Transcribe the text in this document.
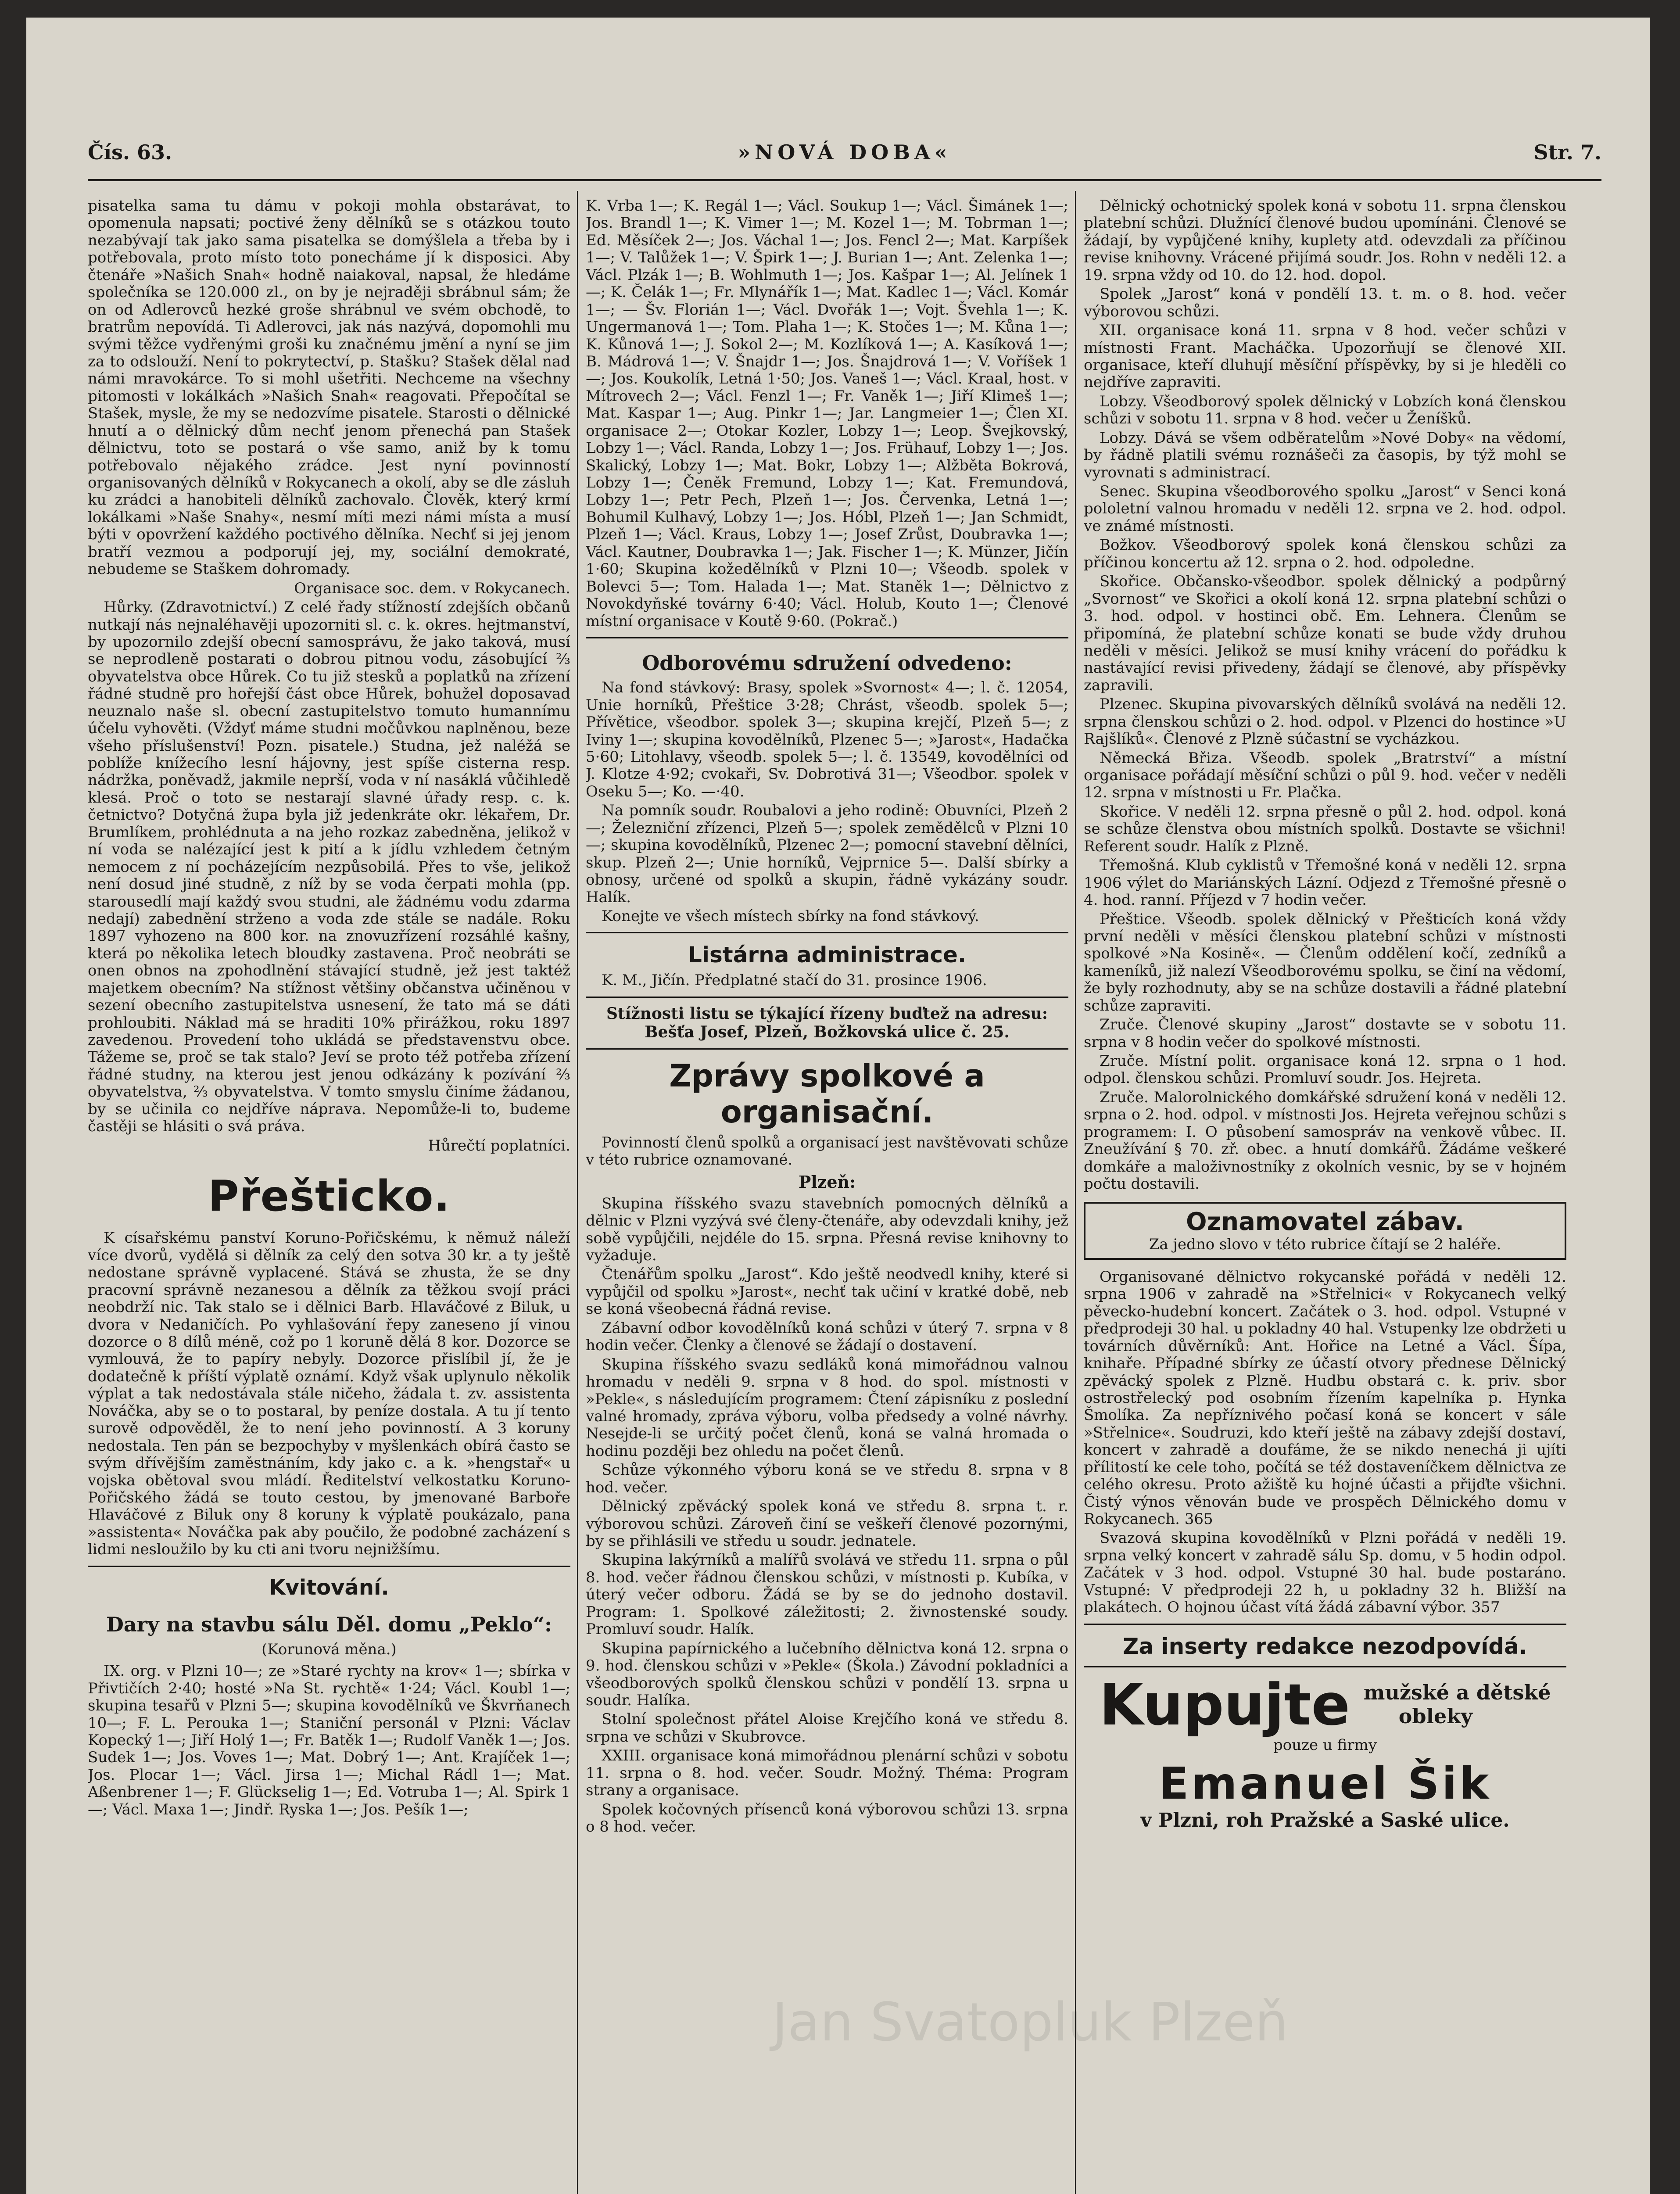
Čís. 63.	»NOVÁ DOBA«	Str. 7.

pisatelka sama tu dámu v pokoji mohla obstarávat, to opomenula napsati; poctivé ženy dělníků se s otázkou touto nezabývají tak jako sama pisatelka se domýšlela a třeba by i potřebovala, proto místo toto ponecháme jí k disposici. Aby čtenáře »Našich Snah« hodně naiakoval, napsal, že hledáme společníka se 120.000 zl., on by je nejraději sbrábnul sám; že on od Adlerovců hezké groše shrábnul ve svém obchodě, to bratrům nepovídá. Ti Adlerovci, jak nás nazývá, dopomohli mu svými těžce vydřenými groši ku značnému jmění a nyní se jim za to odslouží. Není to pokrytectví, p. Stašku? Stašek dělal nad námi mravokárce. To si mohl ušetřiti. Nechceme na všechny pitomosti v lokálkách »Našich Snah« reagovati. Přepočítal se Stašek, mysle, že my se nedozvíme pisatele. Starosti o dělnické hnutí a o dělnický dům nechť jenom přenechá pan Stašek dělnictvu, toto se postará o vše samo, aniž by k tomu potřebovalo nějakého zrádce. Jest nyní povinností organisovaných dělníků v Rokycanech a okolí, aby se dle zásluh ku zrádci a hanobiteli dělníků zachovalo. Člověk, který krmí lokálkami »Naše Snahy«, nesmí míti mezi námi místa a musí býti v opovržení každého poctivého dělníka. Nechť si jej jenom bratří vezmou a podporují jej, my, sociální demokraté, nebudeme se Staškem dohromady.

Organisace soc. dem. v Rokycanech.

Hůrky. (Zdravotnictví.) Z celé řady stížností zdejších občanů nutkají nás nejnaléhavěji upozorniti sl. c. k. okres. hejtmanství, by upozornilo zdejší obecní samosprávu, že jako taková, musí se neprodleně postarati o dobrou pitnou vodu, zásobující ⅔ obyvatelstva obce Hůrek. Co tu již stesků a poplatků na zřízení řádné studně pro hořejší část obce Hůrek, bohužel doposavad neuznalo naše sl. obecní zastupitelstvo tomuto humannímu účelu vyhověti. (Vždyť máme studni močůvkou naplněnou, beze všeho příslušenství! Pozn. pisatele.) Studna, jež naléžá se poblíže knížecího lesní hájovny, jest spíše cisterna resp. nádržka, poněvadž, jakmile neprší, voda v ní nasáklá vůčihledě klesá. Proč o toto se nestarají slavné úřady resp. c. k. četnictvo? Dotyčná župa byla již jedenkráte okr. lékařem, Dr. Brumlíkem, prohlédnuta a na jeho rozkaz zabedněna, jelikož v ní voda se nalézající jest k pití a k jídlu vzhledem četným nemocem z ní pocházejícím nezpůsobilá. Přes to vše, jelikož není dosud jiné studně, z níž by se voda čerpati mohla (pp. starousedlí mají každý svou studni, ale žádnému vodu zdarma nedají) zabednění strženo a voda zde stále se nadále. Roku 1897 vyhozeno na 800 kor. na znovuzřízení rozsáhlé kašny, která po několika letech bloudky zastavena. Proč neobráti se onen obnos na zpohodlnění stávající studně, jež jest taktéž majetkem obecním? Na stížnost většiny občanstva učiněnou v sezení obecního zastupitelstva usnesení, že tato má se dáti prohloubiti. Náklad má se hraditi 10% přirážkou, roku 1897 zavedenou. Provedení toho ukládá se představenstvu obce. Tážeme se, proč se tak stalo? Jeví se proto též potřeba zřízení řádné studny, na kterou jest jenou odkázány k pozívání ⅔ obyvatelstva, ⅔ obyvatelstva. V tomto smyslu činíme žádanou, by se učinila co nejdříve náprava. Nepomůže-li to, budeme častěji se hlásiti o svá práva.

Hůrečtí poplatníci.

Přeštickо.

K císařskému panství Koruno-Pořičskému, k němuž náleží více dvorů, vydělá si dělník za celý den sotva 30 kr. a ty ještě nedostane správně vyplacené. Stává se zhusta, že se dny pracovní správně nezanesou a dělník za těžkou svojí práci neobdrží nic. Tak stalo se i dělnici Barb. Hlaváčové z Biluk, u dvora v Nedaničích. Po vyhlašování řepy zaneseno jí vinou dozorce o 8 dílů méně, což po 1 koruně dělá 8 kor. Dozorce se vymlouvá, že to papíry nebyly. Dozorce přislíbil jí, že je dodatečně k příští výplatě oznámí. Když však uplynulo několik výplat a tak nedostávala stále ničeho, žádala t. zv. assistenta Nováčka, aby se o to postaral, by peníze dostala. A tu jí tento surově odpověděl, že to není jeho povinností. A 3 koruny nedostala. Ten pán se bezpochyby v myšlenkách obírá často se svým dřívějším zaměstnáním, kdy jako c. a k. »hengstař« u vojska obětoval svou mládí. Ředitelství velkostatku Koruno-Pořičského žádá se touto cestou, by jmenované Barboře Hlaváčové z Biluk ony 8 koruny k výplatě poukázalo, pana »assistenta« Nováčka pak aby poučilo, že podobné zacházení s lidmi nesloužilo by ku cti ani tvoru nejnižšímu.

Kvitování.
Dary na stavbu sálu Děl. domu „Peklo“:
(Korunová měna.)

IX. org. v Plzni 10—; ze »Staré rychty na krov« 1—; sbírka v Přivtičích 2·40; hosté »Na St. rychtě« 1·24; Václ. Koubl 1—; skupina tesařů v Plzni 5—; skupina kovodělníků ve Škvrňanech 10—; F. L. Perouka 1—; Staniční personál v Plzni: Václav Kopecký 1—; Jiří Holý 1—; Fr. Batěk 1—; Rudolf Vaněk 1—; Jos. Sudek 1—; Jos. Voves 1—; Mat. Dobrý 1—; Ant. Krajíček 1—; Jos. Plocar 1—; Václ. Jirsa 1—; Michal Rádl 1—; Mat. Aßenbrener 1—; F. Glückselig 1—; Ed. Votruba 1—; Al. Spirk 1—; Václ. Maxa 1—; Jindř. Ryska 1—; Jos. Pešík 1—;

K. Vrba 1—; K. Regál 1—; Václ. Soukup 1—; Václ. Šimánek 1—; Jos. Brandl 1—; K. Vimer 1—; M. Kozel 1—; M. Tobrman 1—; Ed. Měsíček 2—; Jos. Váchal 1—; Jos. Fencl 2—; Mat. Karpíšek 1—; V. Talůžek 1—; V. Špirk 1—; J. Burian 1—; Ant. Zelenka 1—; Václ. Plzák 1—; B. Wohlmuth 1—; Jos. Kašpar 1—; Al. Jelínek 1—; K. Čelák 1—; Fr. Mlynářík 1—; Mat. Kadlec 1—; Václ. Komár 1—; — Šv. Florián 1—; Václ. Dvořák 1—; Vojt. Švehla 1—; K. Ungermanová 1—; Tom. Plaha 1—; K. Stočes 1—; M. Kůna 1—; K. Kůnová 1—; J. Sokol 2—; M. Kozlíková 1—; A. Kasíková 1—; B. Mádrová 1—; V. Šnajdr 1—; Jos. Šnajdrová 1—; V. Voříšek 1—; Jos. Koukolík, Letná 1·50; Jos. Vaneš 1—; Václ. Kraal, host. v Mítrovech 2—; Václ. Fenzl 1—; Fr. Vaněk 1—; Jiří Klimeš 1—; Mat. Kaspar 1—; Aug. Pinkr 1—; Jar. Langmeier 1—; Člen XI. organisace 2—; Otokar Kozler, Lobzy 1—; Leop. Švejkovský, Lobzy 1—; Václ. Randa, Lobzy 1—; Jos. Frühauf, Lobzy 1—; Jos. Skalický, Lobzy 1—; Mat. Bokr, Lobzy 1—; Alžběta Bokrová, Lobzy 1—; Čeněk Fremund, Lobzy 1—; Kat. Fremundová, Lobzy 1—; Petr Pech, Plzeň 1—; Jos. Červenka, Letná 1—; Bohumil Kulhavý, Lobzy 1—; Jos. Hóbl, Plzeň 1—; Jan Schmidt, Plzeň 1—; Václ. Kraus, Lobzy 1—; Josef Zrůst, Doubravka 1—; Václ. Kautner, Doubravka 1—; Jak. Fischer 1—; K. Münzer, Jičín 1·60; Skupina kožedělníků v Plzni 10—; Všeodb. spolek v Bolevci 5—; Tom. Halada 1—; Mat. Staněk 1—; Dělnictvo z Novokdyňské továrny 6·40; Václ. Holub, Kouto 1—; Členové místní organisace v Koutě 9·60. (Pokrač.)

Odborovému sdružení odvedeno:

Na fond stávkový: Brasy, spolek »Svornost« 4—; l. č. 12054, Unie horníků, Přeštice 3·28; Chrást, všeodb. spolek 5—; Přívětice, všeodbor. spolek 3—; skupina krejčí, Plzeň 5—; z Iviny 1—; skupina kovodělníků, Plzenec 5—; »Jarost«, Hadačka 5·60; Litohlavy, všeodb. spolek 5—; l. č. 13549, kovodělníci od J. Klotze 4·92; cvokaři, Sv. Dobrotivá 31—; Všeodbor. spolek v Oseku 5—; Ko. —·40.

Na pomník soudr. Roubalovi a jeho rodině: Obuvníci, Plzeň 2—; Železniční zřízenci, Plzeň 5—; spolek zemědělců v Plzni 10—; skupina kovodělníků, Plzenec 2—; pomocní stavební dělníci, skup. Plzeň 2—; Unie horníků, Vejprnice 5—. Další sbírky a obnosy, určené od spolků a skupin, řádně vykázány soudr. Halík.

Konejte ve všech místech sbírky na fond stávkový.

Listárna administrace.

K. M., Jičín. Předplatné stačí do 31. prosince 1906.

Stížnosti listu se týkající řízeny buďtež na adresu: Bešťa Josef, Plzeň, Božkovská ulice č. 25.
Zprávy spolkové a organisační.

Povinností členů spolků a organisací jest navštěvovati schůze v této rubrice oznamované.

Plzeň:

Skupina říšského svazu stavebních pomocných dělníků a dělnic v Plzni vyzývá své členy-čtenáře, aby odevzdali knihy, jež sobě vypůjčili, nejdéle do 15. srpna. Přesná revise knihovny to vyžaduje.

Čtenářům spolku „Jarost“. Kdo ještě neodvedl knihy, které si vypůjčil od spolku »Jarost«, nechť tak učiní v kratké době, neb se koná všeobecná řádná revise.

Zábavní odbor kovodělníků koná schůzi v úterý 7. srpna v 8 hodin večer. Členky a členové se žádají o dostavení.

Skupina říšského svazu sedláků koná mimořádnou valnou hromadu v neděli 9. srpna v 8 hod. do spol. místnosti v »Pekle«, s následujícím programem: Čtení zápisníku z poslední valné hromady, zpráva výboru, volba předsedy a volné návrhy. Nesejde-li se určitý počet členů, koná se valná hromada o hodinu později bez ohledu na počet členů.

Schůze výkonného výboru koná se ve středu 8. srpna v 8 hod. večer.

Dělnický zpěvácký spolek koná ve středu 8. srpna t. r. výborovou schůzi. Zároveň činí se veškeří členové pozornými, by se přihlásili ve středu u soudr. jednatele.

Skupina lakýrníků a malířů svolává ve středu 11. srpna o půl 8. hod. večer řádnou členskou schůzi, v místnosti p. Kubíka, v úterý večer odboru. Žádá se by se do jednoho dostavil. Program: 1. Spolkové záležitosti; 2. živnostenské soudy. Promluví soudr. Halík.

Skupina papírnického a lučebního dělnictva koná 12. srpna o 9. hod. členskou schůzi v »Pekle« (Škola.) Závodní pokladníci a všeodborových spolků členskou schůzi v pondělí 13. srpna u soudr. Halíka.

Stolní společnost přátel Aloise Krejčího koná ve středu 8. srpna ve schůzi v Skubrovce.

XXIII. organisace koná mimořádnou plenární schůzi v sobotu 11. srpna o 8. hod. večer. Soudr. Možný. Théma: Program strany a organisace.

Spolek kočovných přísenců koná výborovou schůzi 13. srpna o 8 hod. večer.

Dělnický ochotnický spolek koná v sobotu 11. srpna členskou platební schůzi. Dlužnící členové budou upomínáni. Členové se žádají, by vypůjčené knihy, kuplety atd. odevzdali za příčinou revise knihovny. Vrácené přijímá soudr. Jos. Rohn v neděli 12. a 19. srpna vždy od 10. do 12. hod. dopol.

Spolek „Jarost“ koná v pondělí 13. t. m. o 8. hod. večer výborovou schůzi.

XII. organisace koná 11. srpna v 8 hod. večer schůzi v místnosti Frant. Macháčka. Upozorňují se členové XII. organisace, kteří dluhují měsíční příspěvky, by si je hleděli co nejdříve zapraviti.

Lobzy. Všeodborový spolek dělnický v Lobzích koná členskou schůzi v sobotu 11. srpna v 8 hod. večer u Ženíšků.

Lobzy. Dává se všem odběratelům »Nové Doby« na vědomí, by řádně platili svému roznášeči za časopis, by týž mohl se vyrovnati s administrací.

Senec. Skupina všeodborového spolku „Jarost“ v Senci koná pololetní valnou hromadu v neděli 12. srpna ve 2. hod. odpol. ve známé místnosti.

Božkov. Všeodborový spolek koná členskou schůzi za příčinou koncertu až 12. srpna o 2. hod. odpoledne.

Skořice. Občansko-všeodbor. spolek dělnický a podpůrný „Svornost“ ve Skořici a okolí koná 12. srpna platební schůzi o 3. hod. odpol. v hostinci obč. Em. Lehnera. Členům se připomíná, že platební schůze konati se bude vždy druhou neděli v měsíci. Jelikož se musí knihy vrácení do pořádku k nastávající revisi přivedeny, žádají se členové, aby příspěvky zapravili.

Plzenec. Skupina pivovarských dělníků svolává na neděli 12. srpna členskou schůzi o 2. hod. odpol. v Plzenci do hostince »U Rajšlíků«. Členové z Plzně súčastní se vycházkou.

Německá Břiza. Všeodb. spolek „Bratrství“ a místní organisace pořádají měsíční schůzi o půl 9. hod. večer v neděli 12. srpna v místnosti u Fr. Plačka.

Skořice. V neděli 12. srpna přesně o půl 2. hod. odpol. koná se schůze členstva obou místních spolků. Dostavte se všichni! Referent soudr. Halík z Plzně.

Třemošná. Klub cyklistů v Třemošné koná v neděli 12. srpna 1906 výlet do Mariánských Lázní. Odjezd z Třemošné přesně o 4. hod. ranní. Příjezd v 7 hodin večer.

Přeštice. Všeodb. spolek dělnický v Přešticích koná vždy první neděli v měsíci členskou platební schůzi v místnosti spolkové »Na Kosině«. — Členům oddělení kočí, zedníků a kameníků, již nalezí Všeodborovému spolku, se činí na vědomí, že byly rozhodnuty, aby se na schůze dostavili a řádné platební schůze zapraviti.

Zruče. Členové skupiny „Jarost“ dostavte se v sobotu 11. srpna v 8 hodin večer do spolkové místnosti.

Zruče. Místní polit. organisace koná 12. srpna o 1 hod. odpol. členskou schůzi. Promluví soudr. Jos. Hejreta.

Zruče. Malorolnického domkářské sdružení koná v neděli 12. srpna o 2. hod. odpol. v místnosti Jos. Hejreta veřejnou schůzi s programem: I. O působení samospráv na venkově vůbec. II. Zneužívání § 70. zř. obec. a hnutí domkářů. Žádáme veškeré domkáře a maloživnostníky z okolních vesnic, by se v hojném počtu dostavili.

Oznamovatel zábav.
Za jedno slovo v této rubrice čítají se 2 haléře.

Organisované dělnictvo rokycanské pořádá v neděli 12. srpna 1906 v zahradě na »Střelnici« v Rokycanech velký pěvecko-hudební koncert. Začátek o 3. hod. odpol. Vstupné v předprodeji 30 hal. u pokladny 40 hal. Vstupenky lze obdržeti u továrních důvěrníků: Ant. Hořice na Letné a Václ. Šípa, knihaře. Případné sbírky ze účastí otvory přednese Dělnický zpěvácký spolek z Plzně. Hudbu obstará c. k. priv. sbor ostrostřelecký pod osobním řízením kapelníka p. Hynka Šmolíka. Za nepříznivého počasí koná se koncert v sále »Střelnice«. Soudruzi, kdo kteří ještě na zábavy zdejší dostaví, koncert v zahradě a doufáme, že se nikdo nenechá ji ujíti přílitostí ke cele toho, počítá se též dostaveníčkem dělnictva ze celého okresu. Proto ažiště ku hojné účasti a přijďte všichni. Čistý výnos věnován bude ve prospěch Dělnického domu v Rokycanech. 365

Svazová skupina kovodělníků v Plzni pořádá v neděli 19. srpna velký koncert v zahradě sálu Sp. domu, v 5 hodin odpol. Začátek v 3 hod. odpol. Vstupné 30 hal. bude postaráno. Vstupné: V předprodeji 22 h, u pokladny 32 h. Bližší na plakátech. O hojnou účast vítá žádá zábavní výbor. 357

Za inserty redakce nezodpovídá.
Kupujte mužské a dětské
obleky
pouze u firmy
Emanuel Šik
v Plzni, roh Pražské a Saské ulice.
Jan Svatopluk Plzeň
